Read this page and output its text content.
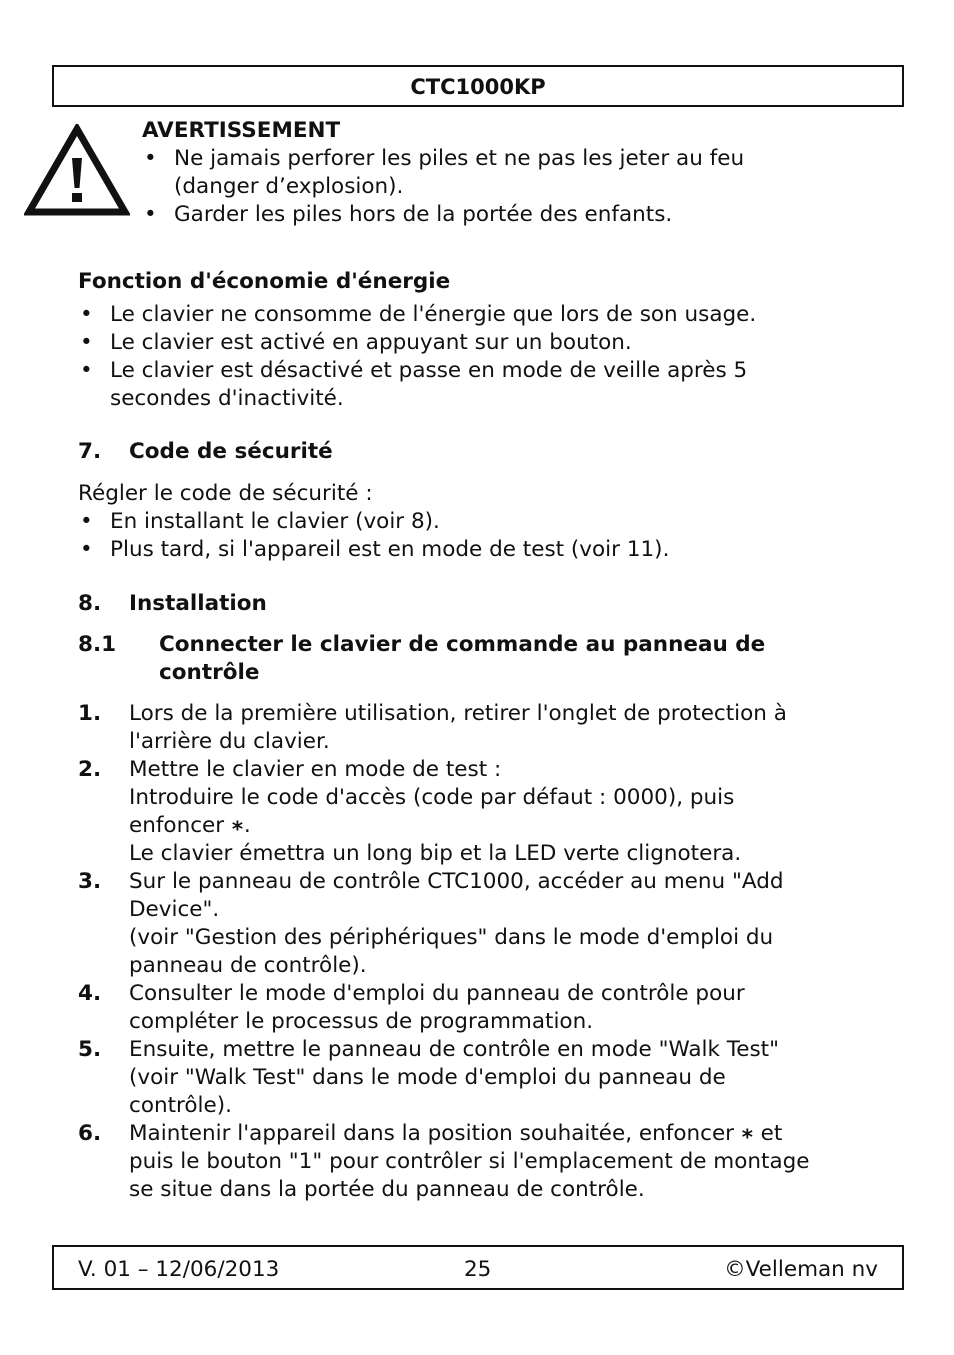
CTC1000KP
AVERTISSEMENT
• Ne jamais perforer les piles et ne pas les jeter au feu (danger d’explosion).
• Garder les piles hors de la portée des enfants.
Fonction d'économie d'énergie
• Le clavier ne consomme de l'énergie que lors de son usage.
• Le clavier est activé en appuyant sur un bouton.
• Le clavier est désactivé et passe en mode de veille après 5 secondes d'inactivité.
7. Code de sécurité
Régler le code de sécurité :
• En installant le clavier (voir 8).
• Plus tard, si l'appareil est en mode de test (voir 11).
8. Installation
8.1 Connecter le clavier de commande au panneau de contrôle
1. Lors de la première utilisation, retirer l'onglet de protection à
l'arrière du clavier.
2. Mettre le clavier en mode de test :
Introduire le code d'accès (code par défaut : 0000), puis
enfoncer ∗.
Le clavier émettra un long bip et la LED verte clignotera.
3. Sur le panneau de contrôle CTC1000, accéder au menu "Add
Device".
(voir "Gestion des périphériques" dans le mode d'emploi du
panneau de contrôle).
4. Consulter le mode d'emploi du panneau de contrôle pour
compléter le processus de programmation.
5. Ensuite, mettre le panneau de contrôle en mode "Walk Test"
(voir "Walk Test" dans le mode d'emploi du panneau de
contrôle).
6. Maintenir l'appareil dans la position souhaitée, enfoncer ∗ et
puis le bouton "1" pour contrôler si l'emplacement de montage
se situe dans la portée du panneau de contrôle.
V. 01 – 12/06/2013	25	©Velleman nv
